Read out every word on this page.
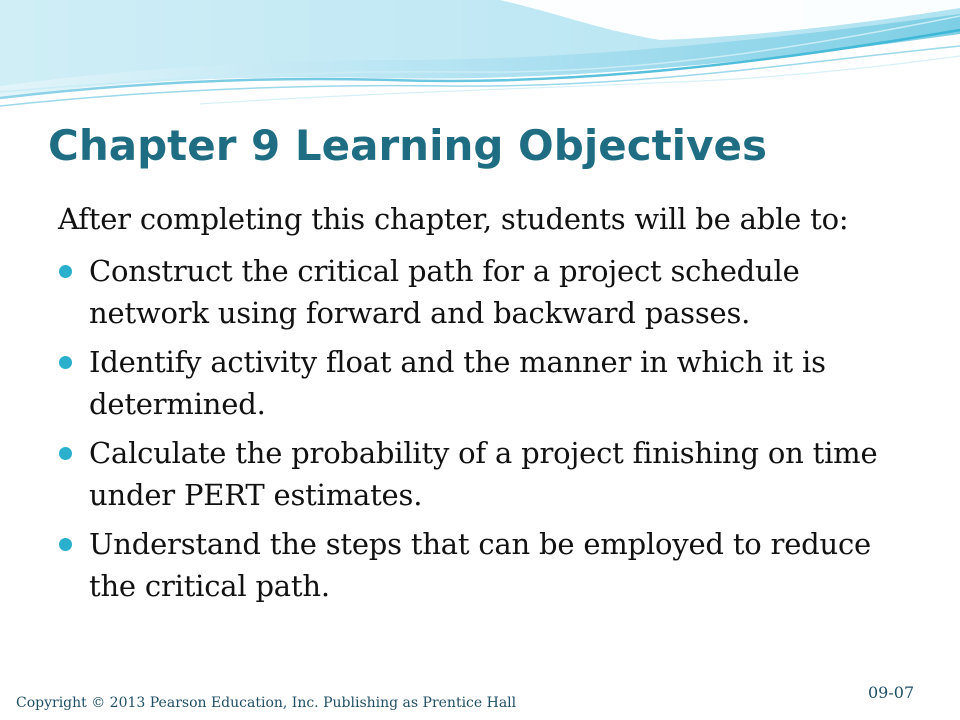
Chapter 9 Learning Objectives

After completing this chapter, students will be able to:

Construct the critical path for a project schedule network using forward and backward passes.
Identify activity float and the manner in which it is determined.
Calculate the probability of a project finishing on time under PERT estimates.
Understand the steps that can be employed to reduce the critical path.
Copyright © 2013 Pearson Education, Inc. Publishing as Prentice Hall
09-07
